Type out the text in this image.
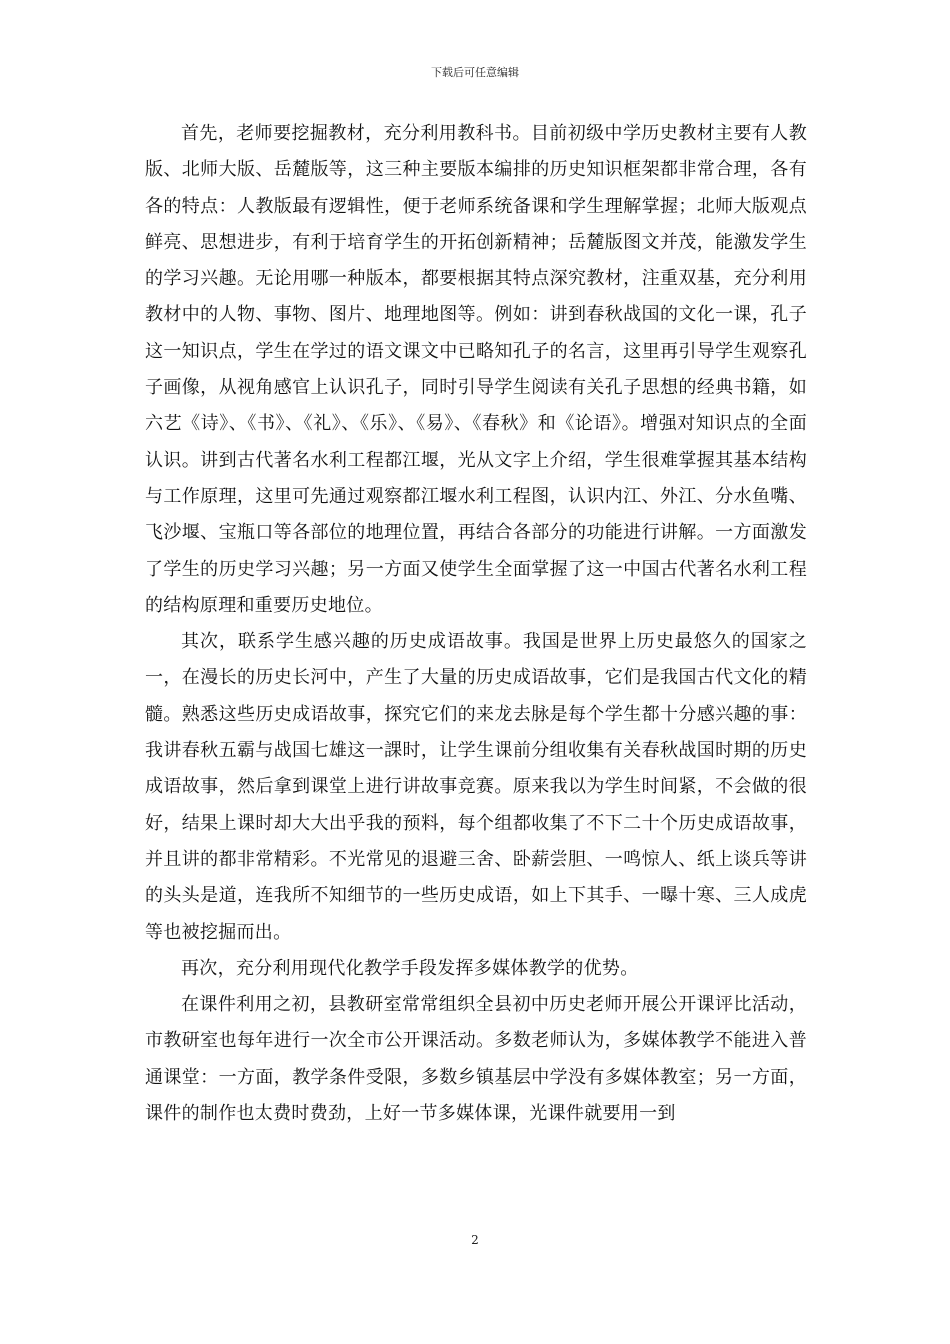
下载后可任意编辑

首先，老师要挖掘教材，充分利用教科书。目前初级中学历史教材主要有人教版、北师大版、岳麓版等，这三种主要版本编排的历史知识框架都非常合理，各有各的特点：人教版最有逻辑性，便于老师系统备课和学生理解掌握；北师大版观点鲜亮、思想进步，有利于培育学生的开拓创新精神；岳麓版图文并茂，能激发学生的学习兴趣。无论用哪一种版本，都要根据其特点深究教材，注重双基，充分利用教材中的人物、事物、图片、地理地图等。例如：讲到春秋战国的文化一课，孔子这一知识点，学生在学过的语文课文中已略知孔子的名言，这里再引导学生观察孔子画像，从视角感官上认识孔子，同时引导学生阅读有关孔子思想的经典书籍，如六艺《诗》、《书》、《礼》、《乐》、《易》、《春秋》和《论语》。增强对知识点的全面认识。讲到古代著名水利工程都江堰，光从文字上介绍，学生很难掌握其基本结构与工作原理，这里可先通过观察都江堰水利工程图，认识内江、外江、分水鱼嘴、飞沙堰、宝瓶口等各部位的地理位置，再结合各部分的功能进行讲解。一方面激发了学生的历史学习兴趣；另一方面又使学生全面掌握了这一中国古代著名水利工程的结构原理和重要历史地位。

其次，联系学生感兴趣的历史成语故事。我国是世界上历史最悠久的国家之一，在漫长的历史长河中，产生了大量的历史成语故事，它们是我国古代文化的精髓。熟悉这些历史成语故事，探究它们的来龙去脉是每个学生都十分感兴趣的事：我讲春秋五霸与战国七雄这一課时，让学生课前分组收集有关春秋战国时期的历史成语故事，然后拿到课堂上进行讲故事竞赛。原来我以为学生时间紧，不会做的很好，结果上课时却大大出乎我的预料，每个组都收集了不下二十个历史成语故事，并且讲的都非常精彩。不光常见的退避三舍、卧薪尝胆、一鸣惊人、纸上谈兵等讲的头头是道，连我所不知细节的一些历史成语，如上下其手、一曝十寒、三人成虎等也被挖掘而出。

再次，充分利用现代化教学手段发挥多媒体教学的优势。

在课件利用之初，县教研室常常组织全县初中历史老师开展公开课评比活动，市教研室也每年进行一次全市公开课活动。多数老师认为，多媒体教学不能进入普通课堂：一方面，教学条件受限，多数乡镇基层中学没有多媒体教室；另一方面，课件的制作也太费时费劲，上好一节多媒体课，光课件就要用一到

2
